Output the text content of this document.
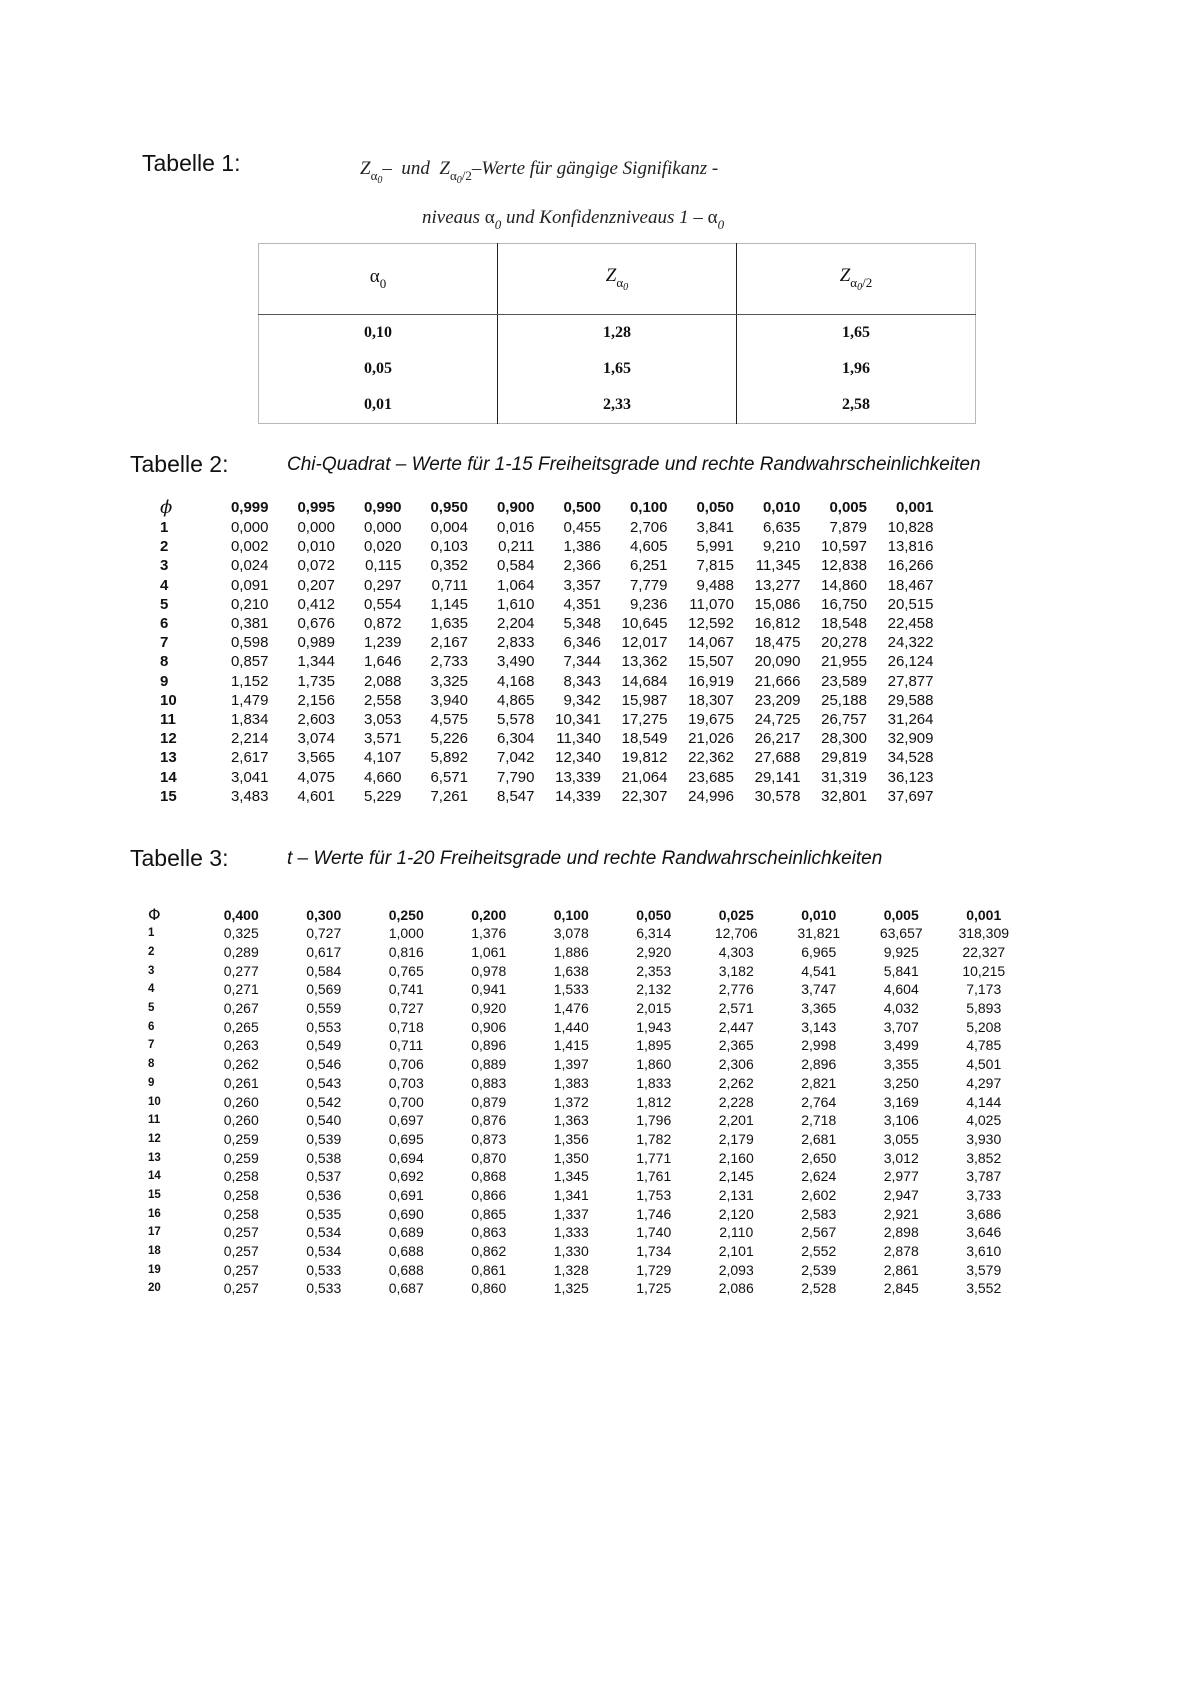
Tabelle 1:	$Z_{\alpha_0}-$ und $Z_{\alpha_0/2}$–Werte für gängige Signifikanz -
niveaus $\alpha_0$ und Konfidenzniveaus $1 - \alpha_0$
$\alpha_0$	$Z_{\alpha_0}$	$Z_{\alpha_0/2}$
0,10	1,28	1,65
0,05	1,65	1,96
0,01	2,33	2,58
Tabelle 2:	Chi-Quadrat – Werte für 1-15 Freiheitsgrade und rechte Randwahrscheinlichkeiten
ϕ	0,999	0,995	0,990	0,950	0,900	0,500	0,100	0,050	0,010	0,005	0,001
1	0,000	0,000	0,000	0,004	0,016	0,455	2,706	3,841	6,635	7,879	10,828
2	0,002	0,010	0,020	0,103	0,211	1,386	4,605	5,991	9,210	10,597	13,816
3	0,024	0,072	0,115	0,352	0,584	2,366	6,251	7,815	11,345	12,838	16,266
4	0,091	0,207	0,297	0,711	1,064	3,357	7,779	9,488	13,277	14,860	18,467
5	0,210	0,412	0,554	1,145	1,610	4,351	9,236	11,070	15,086	16,750	20,515
6	0,381	0,676	0,872	1,635	2,204	5,348	10,645	12,592	16,812	18,548	22,458
7	0,598	0,989	1,239	2,167	2,833	6,346	12,017	14,067	18,475	20,278	24,322
8	0,857	1,344	1,646	2,733	3,490	7,344	13,362	15,507	20,090	21,955	26,124
9	1,152	1,735	2,088	3,325	4,168	8,343	14,684	16,919	21,666	23,589	27,877
10	1,479	2,156	2,558	3,940	4,865	9,342	15,987	18,307	23,209	25,188	29,588
11	1,834	2,603	3,053	4,575	5,578	10,341	17,275	19,675	24,725	26,757	31,264
12	2,214	3,074	3,571	5,226	6,304	11,340	18,549	21,026	26,217	28,300	32,909
13	2,617	3,565	4,107	5,892	7,042	12,340	19,812	22,362	27,688	29,819	34,528
14	3,041	4,075	4,660	6,571	7,790	13,339	21,064	23,685	29,141	31,319	36,123
15	3,483	4,601	5,229	7,261	8,547	14,339	22,307	24,996	30,578	32,801	37,697
Tabelle 3:	t – Werte für 1-20 Freiheitsgrade und rechte Randwahrscheinlichkeiten
Φ	0,400	0,300	0,250	0,200	0,100	0,050	0,025	0,010	0,005	0,001
1	0,325	0,727	1,000	1,376	3,078	6,314	12,706	31,821	63,657	318,309
2	0,289	0,617	0,816	1,061	1,886	2,920	4,303	6,965	9,925	22,327
3	0,277	0,584	0,765	0,978	1,638	2,353	3,182	4,541	5,841	10,215
4	0,271	0,569	0,741	0,941	1,533	2,132	2,776	3,747	4,604	7,173
5	0,267	0,559	0,727	0,920	1,476	2,015	2,571	3,365	4,032	5,893
6	0,265	0,553	0,718	0,906	1,440	1,943	2,447	3,143	3,707	5,208
7	0,263	0,549	0,711	0,896	1,415	1,895	2,365	2,998	3,499	4,785
8	0,262	0,546	0,706	0,889	1,397	1,860	2,306	2,896	3,355	4,501
9	0,261	0,543	0,703	0,883	1,383	1,833	2,262	2,821	3,250	4,297
10	0,260	0,542	0,700	0,879	1,372	1,812	2,228	2,764	3,169	4,144
11	0,260	0,540	0,697	0,876	1,363	1,796	2,201	2,718	3,106	4,025
12	0,259	0,539	0,695	0,873	1,356	1,782	2,179	2,681	3,055	3,930
13	0,259	0,538	0,694	0,870	1,350	1,771	2,160	2,650	3,012	3,852
14	0,258	0,537	0,692	0,868	1,345	1,761	2,145	2,624	2,977	3,787
15	0,258	0,536	0,691	0,866	1,341	1,753	2,131	2,602	2,947	3,733
16	0,258	0,535	0,690	0,865	1,337	1,746	2,120	2,583	2,921	3,686
17	0,257	0,534	0,689	0,863	1,333	1,740	2,110	2,567	2,898	3,646
18	0,257	0,534	0,688	0,862	1,330	1,734	2,101	2,552	2,878	3,610
19	0,257	0,533	0,688	0,861	1,328	1,729	2,093	2,539	2,861	3,579
20	0,257	0,533	0,687	0,860	1,325	1,725	2,086	2,528	2,845	3,552
